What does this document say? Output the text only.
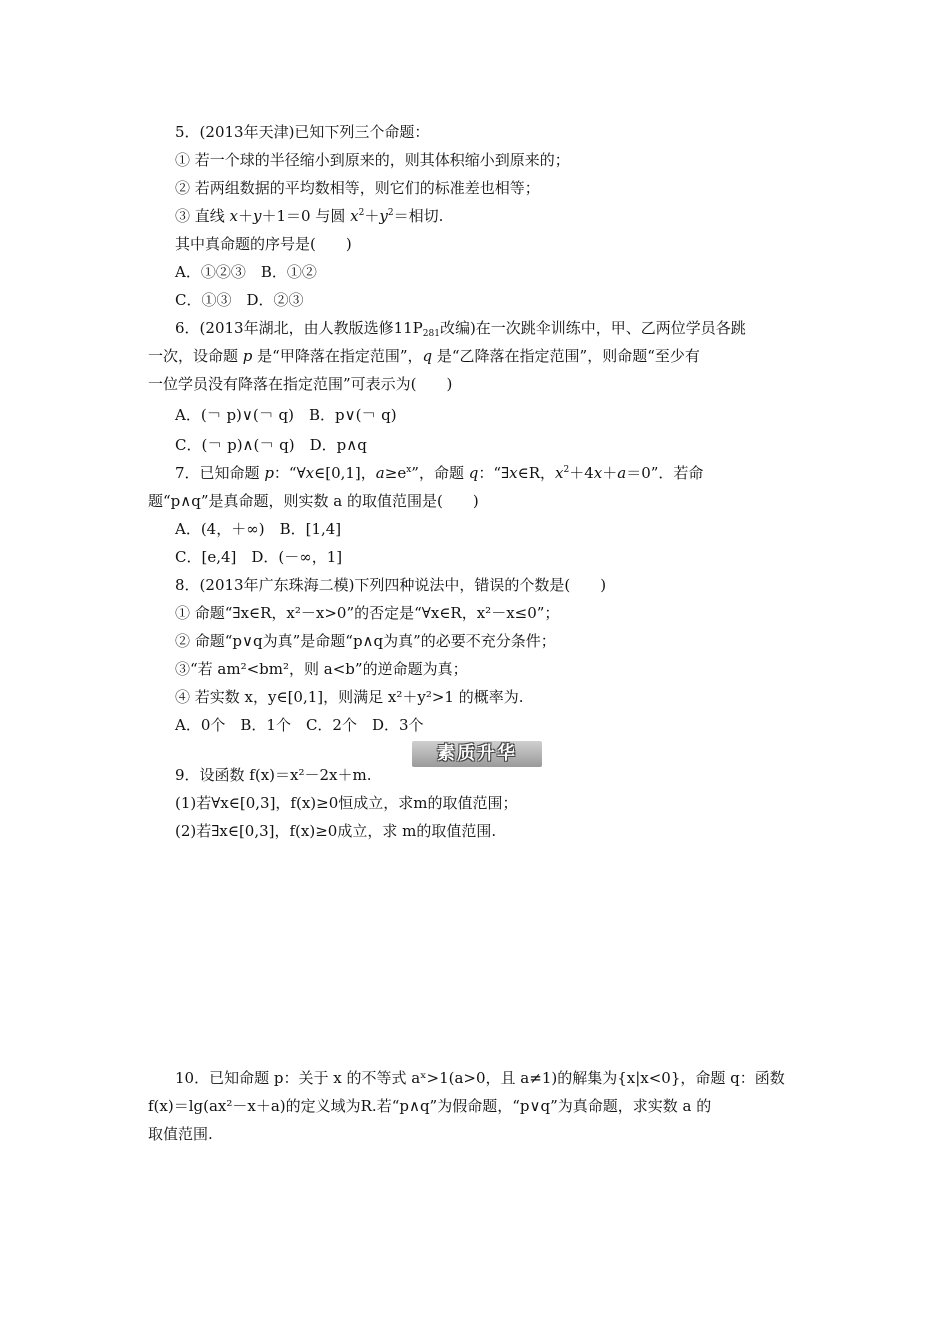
5．(2013年天津)已知下列三个命题：
① 若一个球的半径缩小到原来的，则其体积缩小到原来的；
② 若两组数据的平均数相等，则它们的标准差也相等；
③ 直线 x＋y＋1＝0 与圆 $x^2+y^2=$相切.
其中真命题的序号是(　　)
A．①②③　B．①②
C．①③　D．②③
6．(2013年湖北，由人教版选修$11P_{281}$改编)在一次跳伞训练中，甲、乙两位学员各跳
一次，设命题 p 是“甲降落在指定范围”，q 是“乙降落在指定范围”，则命题“至少有
一位学员没有降落在指定范围”可表示为(　　)
A．(￢ p)∨(￢ q)　B．p∨(￢ q)
C．(￢ p)∧(￢ q)　D．p∧q
7．已知命题 p：“∀x∈[0,1]，$a\ge e^x$”，命题 q：“∃x∈R，$x^2+4x+a=0$”．若命
题“p∧q”是真命题，则实数 a 的取值范围是(　　)
A．(4，＋∞)　B．[1,4]
C．[e,4]　D．(－∞，1]
8．(2013年广东珠海二模)下列四种说法中，错误的个数是(　　)
① 命题“∃x∈R，x²－x>0”的否定是“∀x∈R，x²－x≤0”；
② 命题“p∨q为真”是命题“p∧q为真”的必要不充分条件；
③“若 am²<bm²，则 a<b”的逆命题为真；
④ 若实数 x，y∈[0,1]，则满足 x²＋y²>1 的概率为.
A．0个　B．1个　C．2个　D．3个
素质升华
9．设函数 f(x)＝x²－2x＋m.
(1)若∀x∈[0,3]，f(x)≥0恒成立，求m的取值范围；
(2)若∃x∈[0,3]，f(x)≥0成立，求 m的取值范围.
10．已知命题 p：关于 x 的不等式 aˣ>1(a>0，且 a≠1)的解集为{x|x<0}，命题 q：函数
f(x)＝lg(ax²－x＋a)的定义域为R.若“p∧q”为假命题，“p∨q”为真命题，求实数 a 的
取值范围.
